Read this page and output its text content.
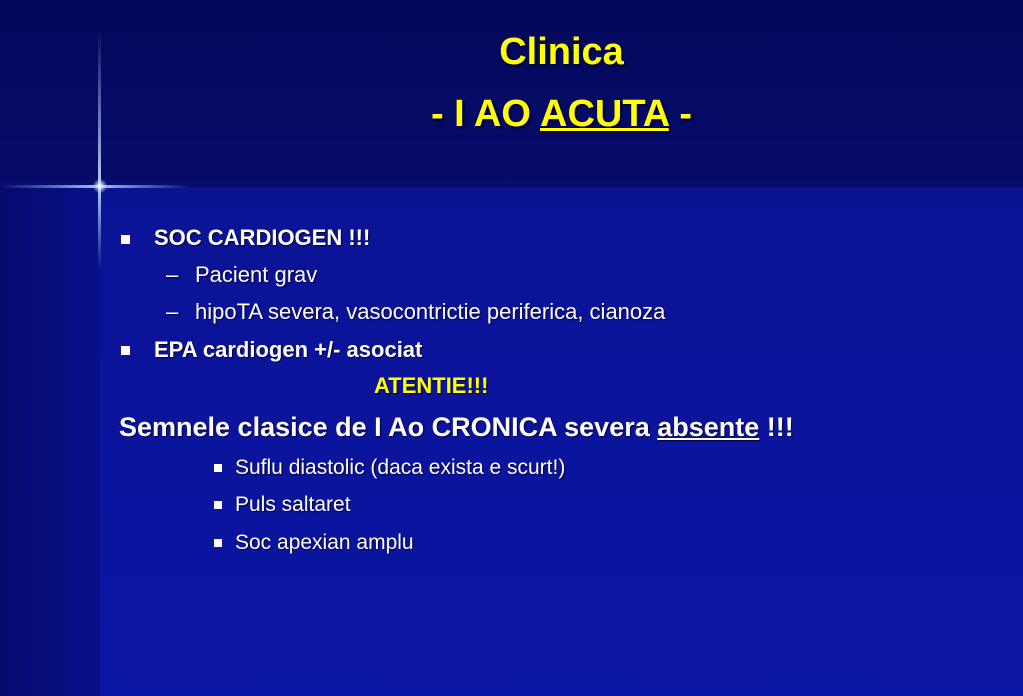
Clinica
- I AO ACUTA -

SOC CARDIOGEN !!!

– Pacient grav

– hipoTA severa, vasocontrictie periferica, cianoza

EPA cardiogen +/- asociat

ATENTIE!!!

Semnele clasice de I Ao CRONICA severa absente !!!

Suflu diastolic (daca exista e scurt!)

Puls saltaret

Soc apexian amplu
